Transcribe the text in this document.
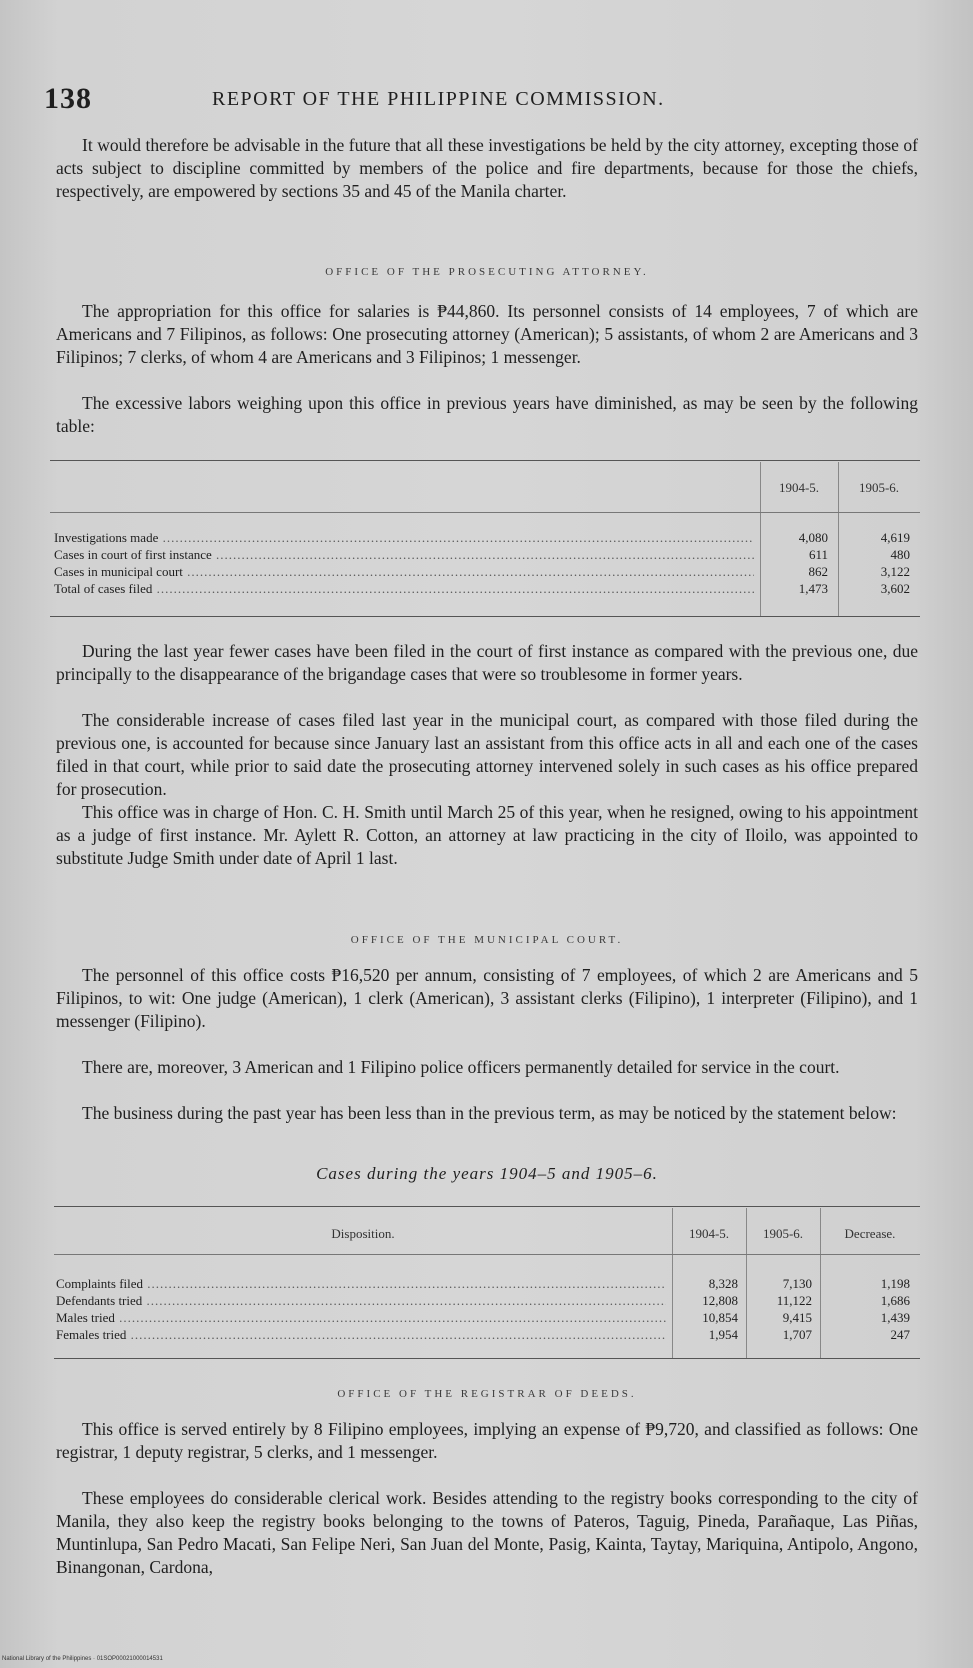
138	REPORT OF THE PHILIPPINE COMMISSION.

It would therefore be advisable in the future that all these investigations be held by the city attorney, excepting those of acts subject to discipline committed by members of the police and fire departments, because for those the chiefs, respectively, are empowered by sections 35 and 45 of the Manila charter.

OFFICE OF THE PROSECUTING ATTORNEY.

The appropriation for this office for salaries is ₱44,860. Its personnel consists of 14 employees, 7 of which are Americans and 7 Filipinos, as follows: One prosecuting attorney (American); 5 assistants, of whom 2 are Americans and 3 Filipinos; 7 clerks, of whom 4 are Americans and 3 Filipinos; 1 messenger.

The excessive labors weighing upon this office in previous years have diminished, as may be seen by the following table:

1904-5.	1905-6.
Investigations made .....	4,080	4,619
Cases in court of first instance .....	611	480
Cases in municipal court .....	862	3,122
Total of cases filed .....	1,473	3,602

During the last year fewer cases have been filed in the court of first instance as compared with the previous one, due principally to the disappearance of the brigandage cases that were so troublesome in former years.

The considerable increase of cases filed last year in the municipal court, as compared with those filed during the previous one, is accounted for because since January last an assistant from this office acts in all and each one of the cases filed in that court, while prior to said date the prosecuting attorney intervened solely in such cases as his office prepared for prosecution.

This office was in charge of Hon. C. H. Smith until March 25 of this year, when he resigned, owing to his appointment as a judge of first instance. Mr. Aylett R. Cotton, an attorney at law practicing in the city of Iloilo, was appointed to substitute Judge Smith under date of April 1 last.

OFFICE OF THE MUNICIPAL COURT.

The personnel of this office costs ₱16,520 per annum, consisting of 7 employees, of which 2 are Americans and 5 Filipinos, to wit: One judge (American), 1 clerk (American), 3 assistant clerks (Filipino), 1 interpreter (Filipino), and 1 messenger (Filipino).

There are, moreover, 3 American and 1 Filipino police officers permanently detailed for service in the court.

The business during the past year has been less than in the previous term, as may be noticed by the statement below:

Cases during the years 1904–5 and 1905–6.
Disposition.	1904-5.	1905-6.	Decrease.
Complaints filed .....	8,328	7,130	1,198
Defendants tried .....	12,808	11,122	1,686
Males tried .....	10,854	9,415	1,439
Females tried .....	1,954	1,707	247
OFFICE OF THE REGISTRAR OF DEEDS.

This office is served entirely by 8 Filipino employees, implying an expense of ₱9,720, and classified as follows: One registrar, 1 deputy registrar, 5 clerks, and 1 messenger.

These employees do considerable clerical work. Besides attending to the registry books corresponding to the city of Manila, they also keep the registry books belonging to the towns of Pateros, Taguig, Pineda, Parañaque, Las Piñas, Muntinlupa, San Pedro Macati, San Felipe Neri, San Juan del Monte, Pasig, Kainta, Taytay, Mariquina, Antipolo, Angono, Binangonan, Cardona,

National Library of the Philippines · 01SOP00021000014531
